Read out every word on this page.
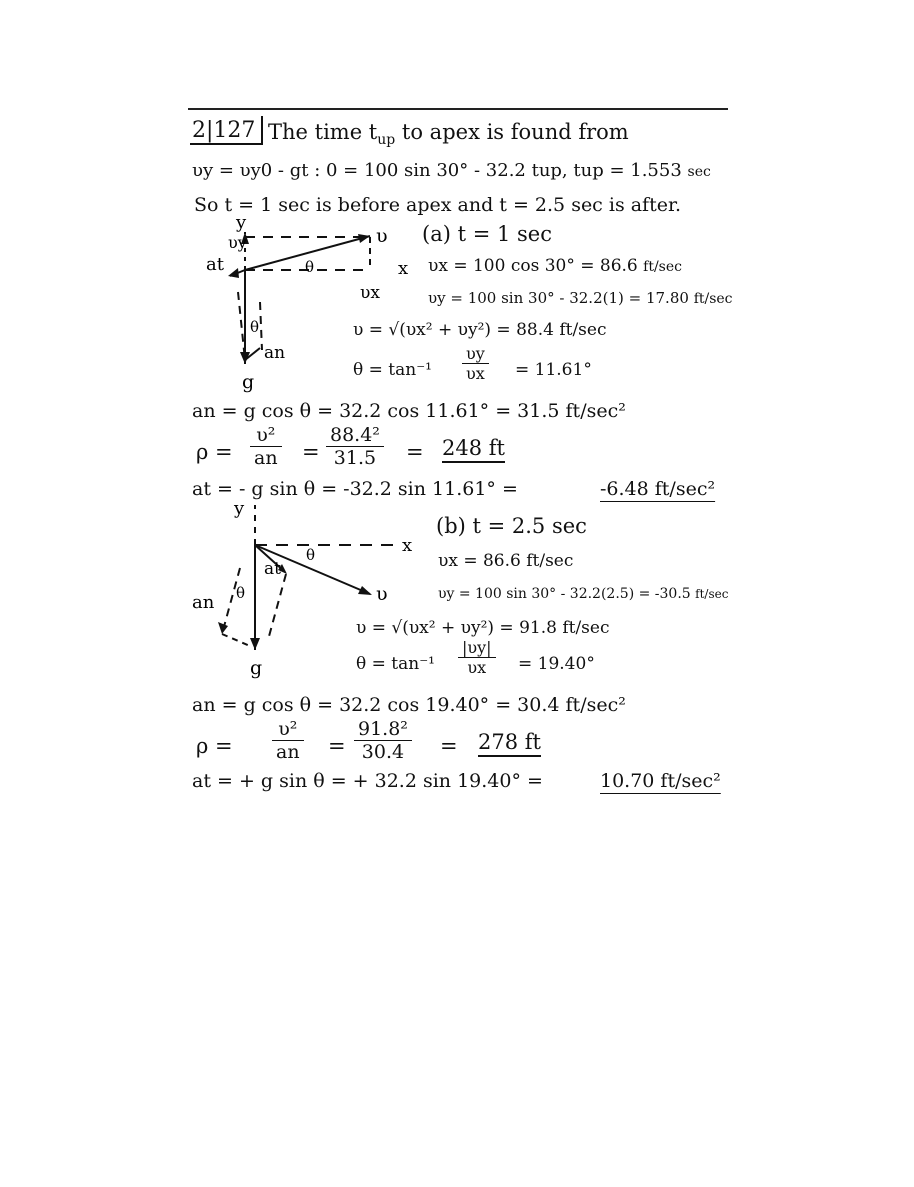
2|127 The time $t_{up}$ to apex is found from
υy = υy0 - gt : 0 = 100 sin 30° - 32.2 tup, tup = 1.553 sec
So t = 1 sec is before apex and t = 2.5 sec is after.
y
υy	υ
x
θ
υx
at
θ
an
g
(a) t = 1 sec
υx = 100 cos 30° = 86.6 ft/sec
υy = 100 sin 30° - 32.2(1) = 17.80 ft/sec
υ = √(υx² + υy²) = 88.4 ft/sec
$\theta = \tan^{-1} \frac{\upsilon y}{\upsilon x} = 11.61^\circ$
an = g cos θ = 32.2 cos 11.61° = 31.5 ft/sec²
$\rho = \frac{\text{υ²}}{an} = \frac{\text{88.4²}}{31.5} = 248$ ft
at = - g sin θ = -32.2 sin 11.61° =	-6.48 ft/sec²
y
θ	x
at
θ	υ
an
g
(b) t = 2.5 sec
υx = 86.6 ft/sec
υy = 100 sin 30° - 32.2(2.5) = -30.5 ft/sec
υ = √(υx² + υy²) = 91.8 ft/sec
$\theta = \tan^{-1} \frac{|\upsilon y|}{\upsilon x} = 19.40^\circ$
an = g cos θ = 32.2 cos 19.40° = 30.4 ft/sec²
$\rho = \frac{\text{υ²}}{an} = \frac{\text{91.8²}}{30.4} = 278$ ft
at = + g sin θ = + 32.2 sin 19.40° =	10.70 ft/sec²
